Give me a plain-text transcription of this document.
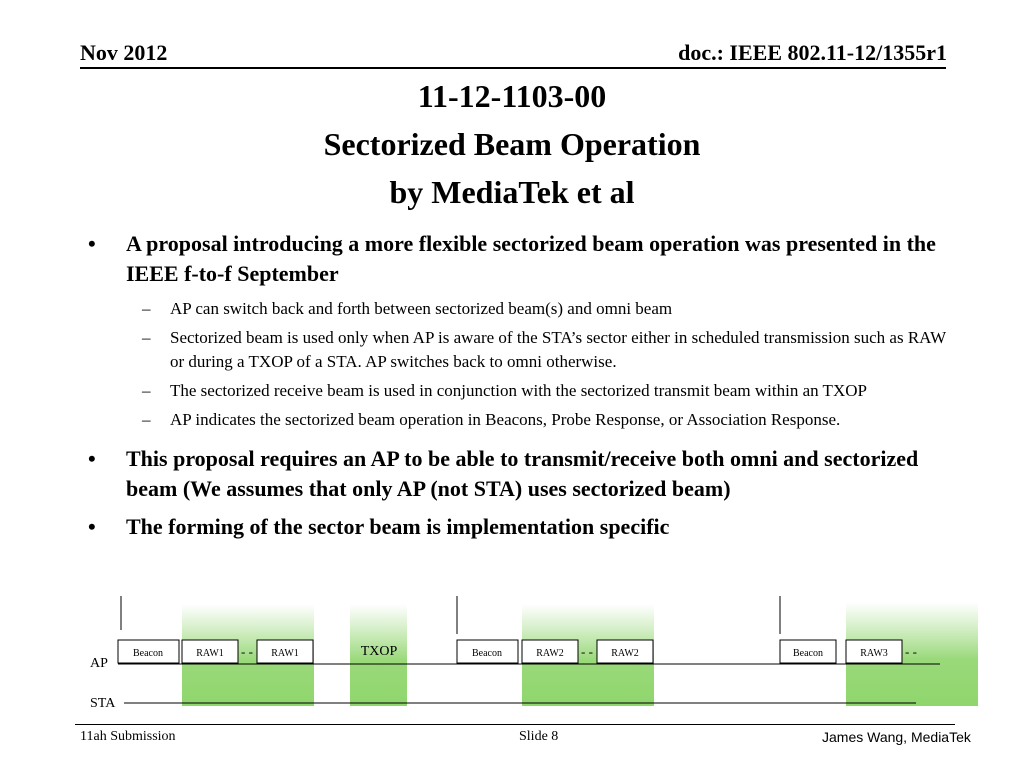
Nov 2012	doc.: IEEE 802.11-12/1355r1
11-12-1103-00
Sectorized Beam Operation
by MediaTek et al
• A proposal introducing a more flexible sectorized beam operation was presented in the IEEE f-to-f September
– AP can switch back and forth between sectorized beam(s) and omni beam
– Sectorized beam is used only when AP is aware of the STA’s sector either in scheduled transmission such as RAW or during a TXOP of a STA. AP switches back to omni otherwise.
– The sectorized receive beam is used in conjunction with the sectorized transmit beam within an TXOP
– AP indicates the sectorized beam operation in Beacons, Probe Response, or Association Response.
• This proposal requires an AP to be able to transmit/receive both omni and sectorized beam (We assumes that only AP (not STA) uses sectorized beam)
• The forming of the sector beam is implementation specific
Beacon	RAW1	RAW1	Beacon	RAW2	RAW2	Beacon	RAW3
- -	- -	- -
TXOP
AP
STA
11ah Submission	Slide 8	James Wang, MediaTek
